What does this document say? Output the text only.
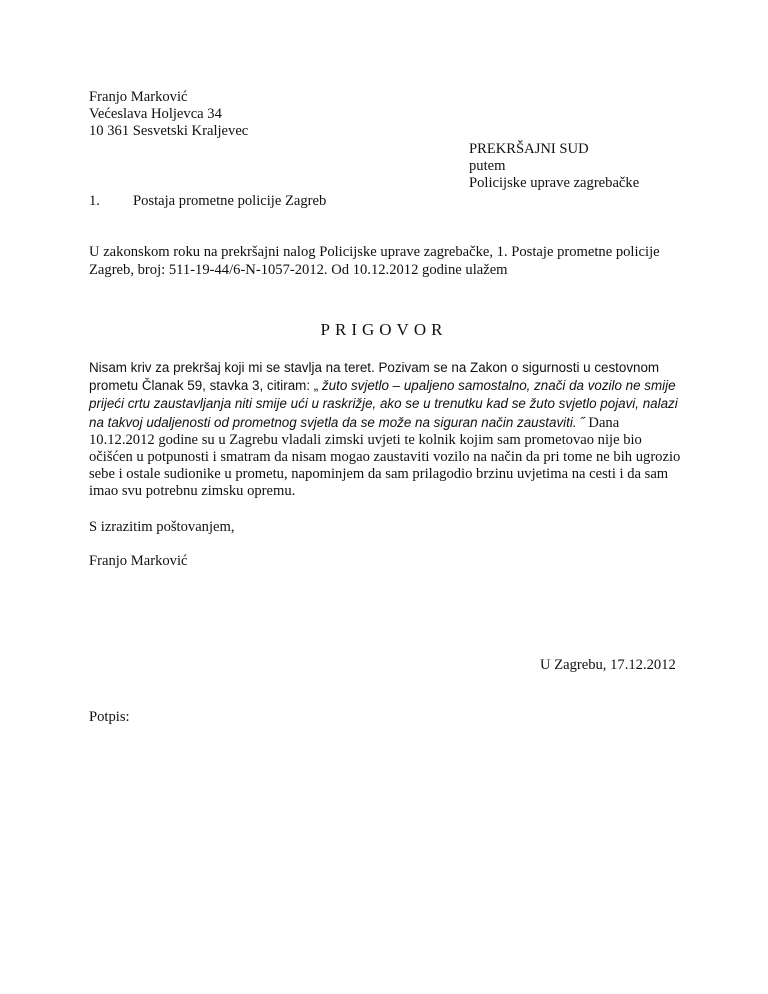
Franjo Marković
Većeslava Holjevca 34
10 361 Sesvetski Kraljevec
PREKRŠAJNI SUD
putem
Policijske uprave zagrebačke
1. Postaja prometne policije Zagreb
U zakonskom roku na prekršajni nalog Policijske uprave zagrebačke, 1. Postaje prometne policije Zagreb, broj: 511-19-44/6-N-1057-2012. Od 10.12.2012 godine ulažem
PRIGOVOR
Nisam kriv za prekršaj koji mi se stavlja na teret. Pozivam se na Zakon o sigurnosti u cestovnom prometu Članak 59, stavka 3, citiram: „ žuto svjetlo – upaljeno samostalno, znači da vozilo ne smije prijeći crtu zaustavljanja niti smije ući u raskrižje, ako se u trenutku kad se žuto svjetlo pojavi, nalazi na takvoj udaljenosti od prometnog svjetla da se može na siguran način zaustaviti. ˝ Dana 10.12.2012 godine su u Zagrebu vladali zimski uvjeti te kolnik kojim sam prometovao nije bio očišćen u potpunosti i smatram da nisam mogao zaustaviti vozilo na način da pri tome ne bih ugrozio sebe i ostale sudionike u prometu, napominjem da sam prilagodio brzinu uvjetima na cesti i da sam imao svu potrebnu zimsku opremu.
S izrazitim poštovanjem,
Franjo Marković
U Zagrebu, 17.12.2012
Potpis:
